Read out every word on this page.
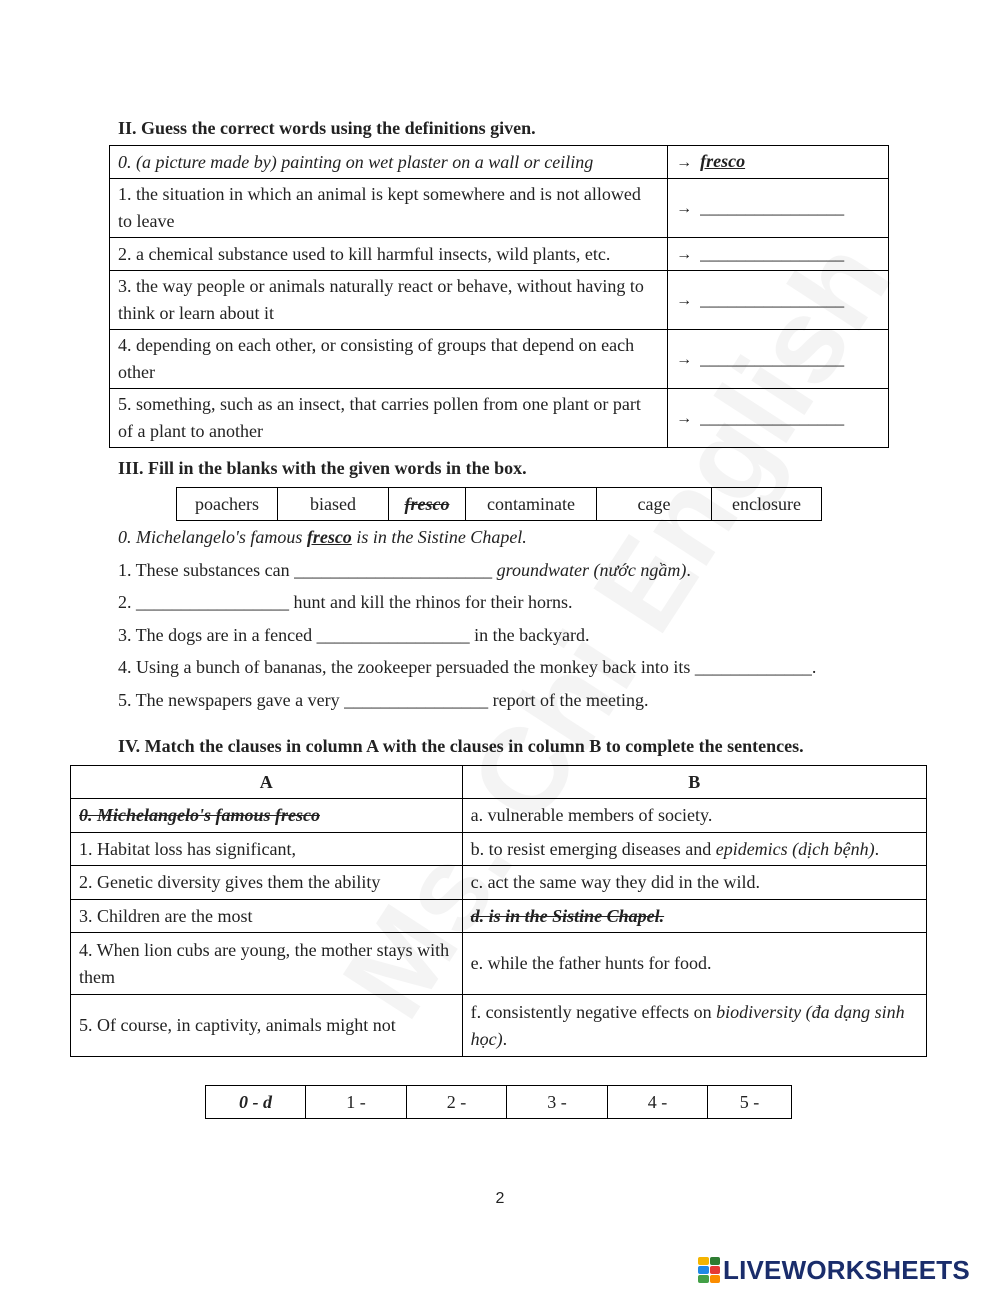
II. Guess the correct words using the definitions given.
0. (a picture made by) painting on wet plaster on a wall or ceiling	→ fresco
1. the situation in which an animal is kept somewhere and is not allowed to leave	→ ________________
2. a chemical substance used to kill harmful insects, wild plants, etc.	→ ________________
3. the way people or animals naturally react or behave, without having to think or learn about it	→ ________________
4. depending on each other, or consisting of groups that depend on each other	→ ________________
5. something, such as an insect, that carries pollen from one plant or part of a plant to another	→ ________________
III. Fill in the blanks with the given words in the box.
poachers	biased	fresco	contaminate	cage	enclosure
0. Michelangelo's famous fresco is in the Sistine Chapel.
1. These substances can ______________________ groundwater (nước ngầm).
2. _________________ hunt and kill the rhinos for their horns.
3. The dogs are in a fenced _________________ in the backyard.
4. Using a bunch of bananas, the zookeeper persuaded the monkey back into its _____________.
5. The newspapers gave a very ________________ report of the meeting.
IV. Match the clauses in column A with the clauses in column B to complete the sentences.
A	B
0. Michelangelo's famous fresco	a. vulnerable members of society.
1. Habitat loss has significant,	b. to resist emerging diseases and epidemics (dịch bệnh).
2. Genetic diversity gives them the ability	c. act the same way they did in the wild.
3. Children are the most	d. is in the Sistine Chapel.
4. When lion cubs are young, the mother stays with them	e. while the father hunts for food.
5. Of course, in captivity, animals might not	f. consistently negative effects on biodiversity (đa dạng sinh học).
0 - d	1 -	2 -	3 -	4 -	5 -
2
LIVEWORKSHEETS
